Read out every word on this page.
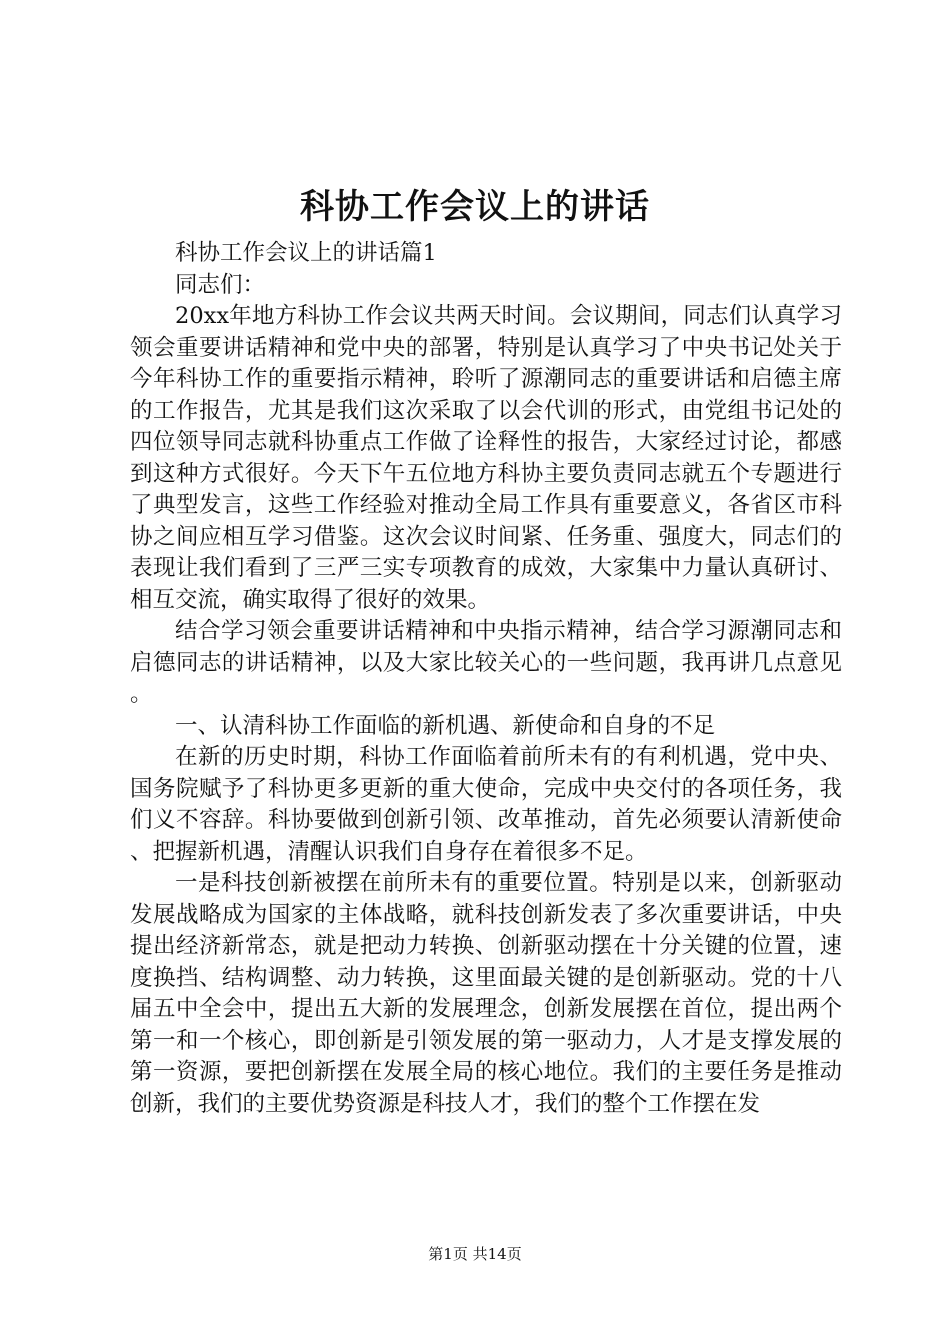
科协工作会议上的讲话

科协工作会议上的讲话篇1

同志们：

20xx年地方科协工作会议共两天时间。会议期间，同志们认真学习领会重要讲话精神和党中央的部署，特别是认真学习了中央书记处关于今年科协工作的重要指示精神，聆听了源潮同志的重要讲话和启德主席的工作报告，尤其是我们这次采取了以会代训的形式，由党组书记处的四位领导同志就科协重点工作做了诠释性的报告，大家经过讨论，都感到这种方式很好。今天下午五位地方科协主要负责同志就五个专题进行了典型发言，这些工作经验对推动全局工作具有重要意义，各省区市科协之间应相互学习借鉴。这次会议时间紧、任务重、强度大，同志们的表现让我们看到了三严三实专项教育的成效，大家集中力量认真研讨、相互交流，确实取得了很好的效果。

结合学习领会重要讲话精神和中央指示精神，结合学习源潮同志和启德同志的讲话精神，以及大家比较关心的一些问题，我再讲几点意见。

一、认清科协工作面临的新机遇、新使命和自身的不足

在新的历史时期，科协工作面临着前所未有的有利机遇，党中央、国务院赋予了科协更多更新的重大使命，完成中央交付的各项任务，我们义不容辞。科协要做到创新引领、改革推动，首先必须要认清新使命、把握新机遇，清醒认识我们自身存在着很多不足。

一是科技创新被摆在前所未有的重要位置。特别是以来，创新驱动发展战略成为国家的主体战略，就科技创新发表了多次重要讲话，中央提出经济新常态，就是把动力转换、创新驱动摆在十分关键的位置，速度换挡、结构调整、动力转换，这里面最关键的是创新驱动。党的十八届五中全会中，提出五大新的发展理念，创新发展摆在首位，提出两个第一和一个核心，即创新是引领发展的第一驱动力，人才是支撑发展的第一资源，要把创新摆在发展全局的核心地位。我们的主要任务是推动创新，我们的主要优势资源是科技人才，我们的整个工作摆在发

第1页 共14页
